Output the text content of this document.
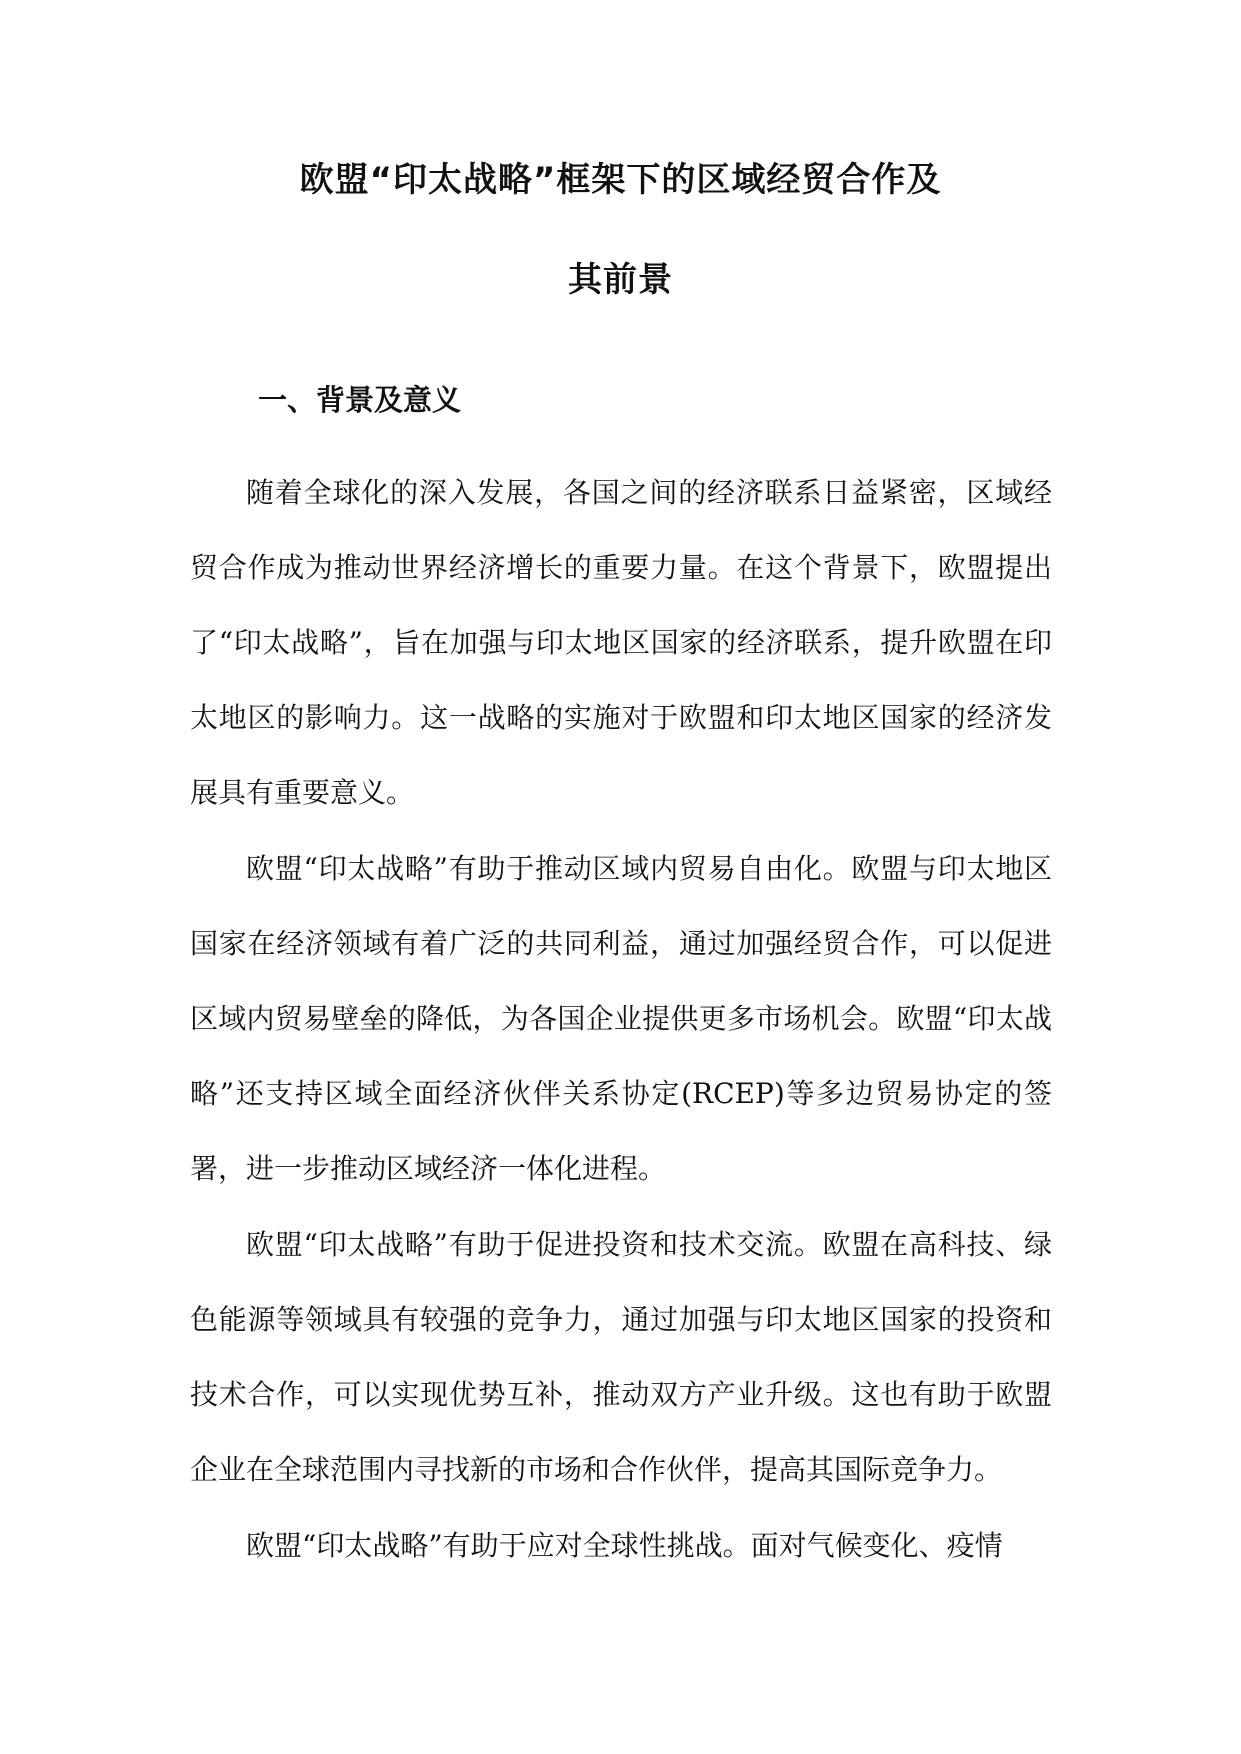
欧盟“印太战略”框架下的区域经贸合作及
其前景
一、背景及意义

随着全球化的深入发展，各国之间的经济联系日益紧密，区域经贸合作成为推动世界经济增长的重要力量。在这个背景下，欧盟提出了“印太战略”，旨在加强与印太地区国家的经济联系，提升欧盟在印太地区的影响力。这一战略的实施对于欧盟和印太地区国家的经济发展具有重要意义。

欧盟“印太战略”有助于推动区域内贸易自由化。欧盟与印太地区国家在经济领域有着广泛的共同利益，通过加强经贸合作，可以促进区域内贸易壁垒的降低，为各国企业提供更多市场机会。欧盟“印太战略”还支持区域全面经济伙伴关系协定(RCEP)等多边贸易协定的签署，进一步推动区域经济一体化进程。

欧盟“印太战略”有助于促进投资和技术交流。欧盟在高科技、绿色能源等领域具有较强的竞争力，通过加强与印太地区国家的投资和技术合作，可以实现优势互补，推动双方产业升级。这也有助于欧盟企业在全球范围内寻找新的市场和合作伙伴，提高其国际竞争力。

欧盟“印太战略”有助于应对全球性挑战。面对气候变化、疫情
